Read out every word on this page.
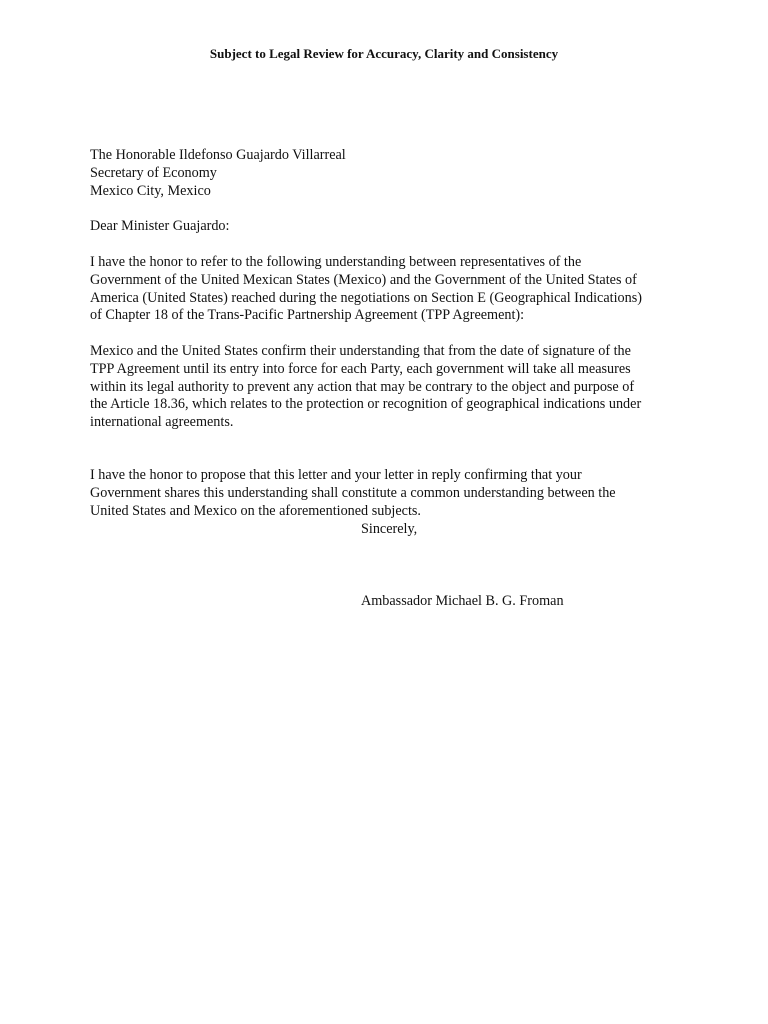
Subject to Legal Review for Accuracy, Clarity and Consistency
The Honorable Ildefonso Guajardo Villarreal
Secretary of Economy
Mexico City, Mexico
Dear Minister Guajardo:
I have the honor to refer to the following understanding between representatives of the
Government of the United Mexican States (Mexico) and the Government of the United States of
America (United States) reached during the negotiations on Section E (Geographical Indications)
of Chapter 18 of the Trans-Pacific Partnership Agreement (TPP Agreement):
Mexico and the United States confirm their understanding that from the date of signature of the
TPP Agreement until its entry into force for each Party, each government will take all measures
within its legal authority to prevent any action that may be contrary to the object and purpose of
the Article 18.36, which relates to the protection or recognition of geographical indications under
international agreements.
I have the honor to propose that this letter and your letter in reply confirming that your
Government shares this understanding shall constitute a common understanding between the
United States and Mexico on the aforementioned subjects.
Sincerely,
Ambassador Michael B. G. Froman
